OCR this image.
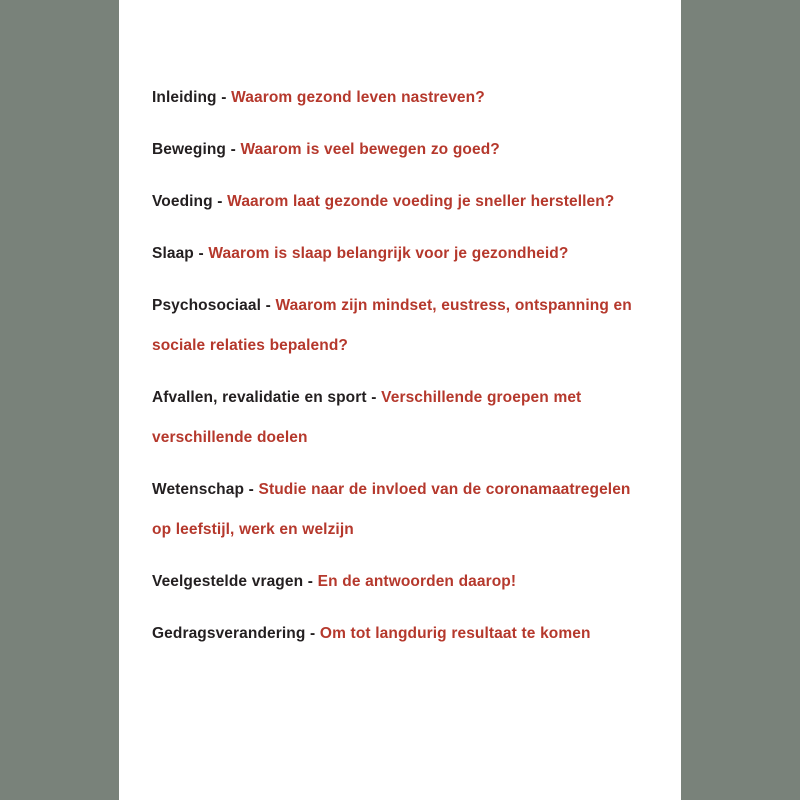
Inleiding - Waarom gezond leven nastreven?
Beweging - Waarom is veel bewegen zo goed?
Voeding - Waarom laat gezonde voeding je sneller herstellen?
Slaap - Waarom is slaap belangrijk voor je gezondheid?
Psychosociaal - Waarom zijn mindset, eustress, ontspanning en sociale relaties bepalend?
Afvallen, revalidatie en sport - Verschillende groepen met verschillende doelen
Wetenschap - Studie naar de invloed van de coronamaatregelen op leefstijl, werk en welzijn
Veelgestelde vragen - En de antwoorden daarop!
Gedragsverandering - Om tot langdurig resultaat te komen
